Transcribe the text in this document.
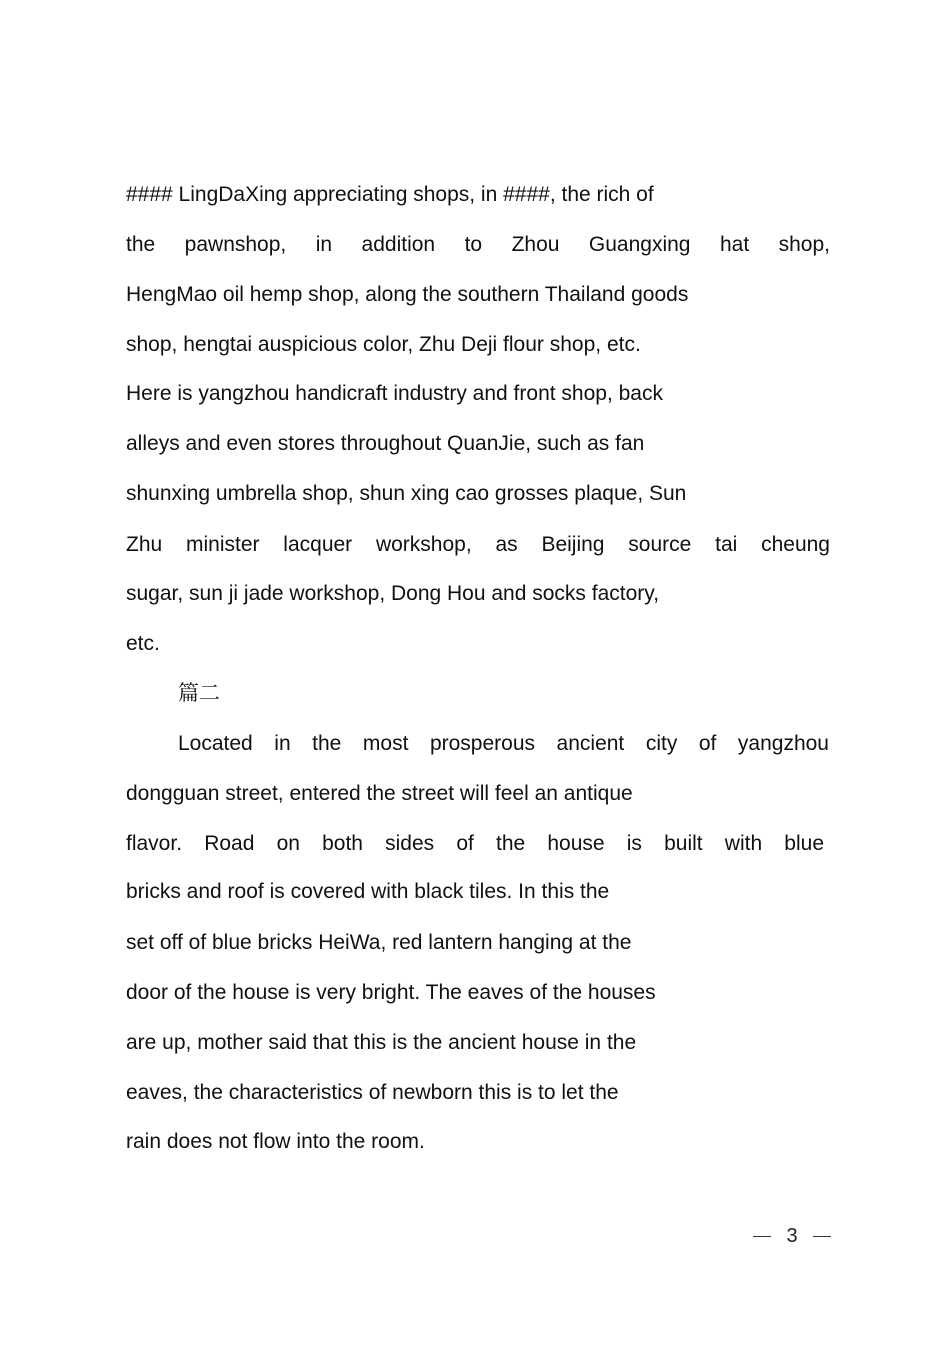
#### LingDaXing appreciating shops, in ####, the rich of
the pawnshop, in addition to Zhou Guangxing hat shop,
HengMao oil hemp shop, along the southern Thailand goods
shop, hengtai auspicious color, Zhu Deji flour shop, etc.
Here is yangzhou handicraft industry and front shop, back
alleys and even stores throughout QuanJie, such as fan
shunxing umbrella shop, shun xing cao grosses plaque, Sun
Zhu minister lacquer workshop, as Beijing source tai cheung
sugar, sun ji jade workshop, Dong Hou and socks factory,
etc.
篇二
Located in the most prosperous ancient city of yangzhou
dongguan street, entered the street will feel an antique
flavor. Road on both sides of the house is built with blue
bricks and roof is covered with black tiles. In this the
set off of blue bricks HeiWa, red lantern hanging at the
door of the house is very bright. The eaves of the houses
are up, mother said that this is the ancient house in the
eaves, the characteristics of newborn this is to let the
rain does not flow into the room.
3
